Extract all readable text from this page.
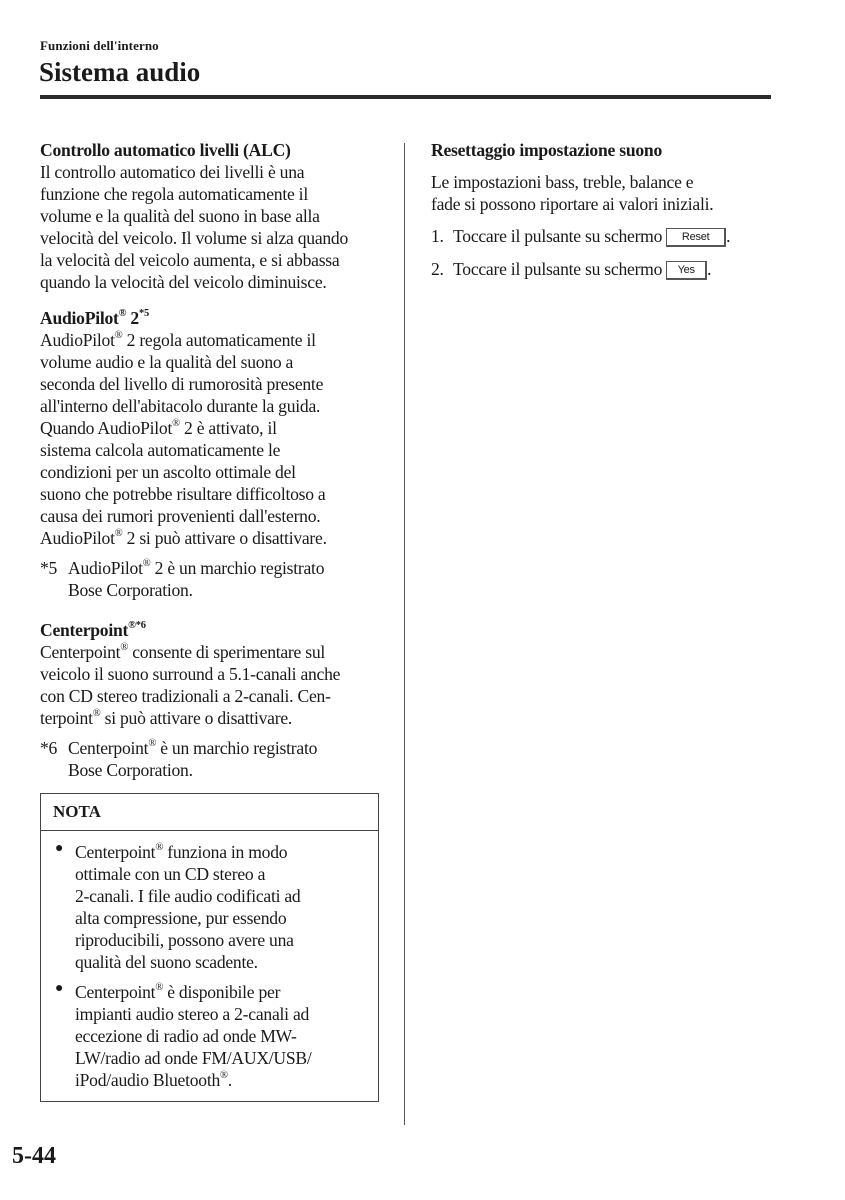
Funzioni dell'interno
Sistema audio

Controllo automatico livelli (ALC)

Il controllo automatico dei livelli è una

funzione che regola automaticamente il

volume e la qualità del suono in base alla

velocità del veicolo. Il volume si alza quando

la velocità del veicolo aumenta, e si abbassa

quando la velocità del veicolo diminuisce.

AudioPilot® 2$^{*5}$

AudioPilot® 2 regola automaticamente il

volume audio e la qualità del suono a

seconda del livello di rumorosità presente

all'interno dell'abitacolo durante la guida.

Quando AudioPilot® 2 è attivato, il

sistema calcola automaticamente le

condizioni per un ascolto ottimale del

suono che potrebbe risultare difficoltoso a

causa dei rumori provenienti dall'esterno.

AudioPilot® 2 si può attivare o disattivare.

*5 AudioPilot® 2 è un marchio registrato

Bose Corporation.

Centerpoint$^{®*6}$

Centerpoint® consente di sperimentare sul

veicolo il suono surround a 5.1-canali anche

con CD stereo tradizionali a 2-canali. Cen-

terpoint® si può attivare o disattivare.

*6 Centerpoint® è un marchio registrato

Bose Corporation.

NOTA
● Centerpoint® funziona in modo

ottimale con un CD stereo a

2-canali. I file audio codificati ad

alta compressione, pur essendo

riproducibili, possono avere una

qualità del suono scadente.

● Centerpoint® è disponibile per

impianti audio stereo a 2-canali ad

eccezione di radio ad onde MW-

LW/radio ad onde FM/AUX/USB/

iPod/audio Bluetooth®.

Resettaggio impostazione suono

Le impostazioni bass, treble, balance e

fade si possono riportare ai valori iniziali.

1. Toccare il pulsante su schermo Reset .

2. Toccare il pulsante su schermo Yes .

5-44
